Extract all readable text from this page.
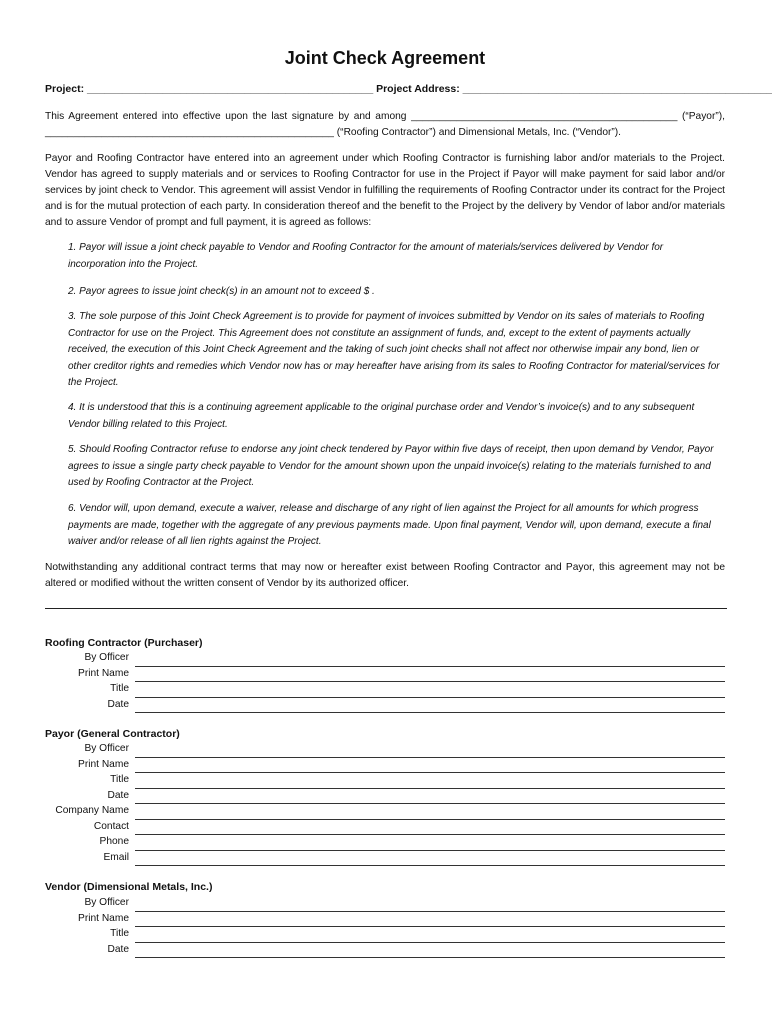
Joint Check Agreement
Project: _________________________________________________ Project Address: _____________________________________________________
This Agreement entered into effective upon the last signature by and among _______________________________________________ (“Payor”), ___________________________________________________ (“Roofing Contractor”) and Dimensional Metals, Inc. (“Vendor”).
Payor and Roofing Contractor have entered into an agreement under which Roofing Contractor is furnishing labor and/or materials to the Project. Vendor has agreed to supply materials and or services to Roofing Contractor for use in the Project if Payor will make payment for said labor and/or services by joint check to Vendor. This agreement will assist Vendor in fulfilling the requirements of Roofing Contractor under its contract for the Project and is for the mutual protection of each party. In consideration thereof and the benefit to the Project by the delivery by Vendor of labor and/or materials and to assure Vendor of prompt and full payment, it is agreed as follows:
1. Payor will issue a joint check payable to Vendor and Roofing Contractor for the amount of materials/services delivered by Vendor for incorporation into the Project.
2. Payor agrees to issue joint check(s) in an amount not to exceed $ .
3. The sole purpose of this Joint Check Agreement is to provide for payment of invoices submitted by Vendor on its sales of materials to Roofing Contractor for use on the Project. This Agreement does not constitute an assignment of funds, and, except to the extent of payments actually received, the execution of this Joint Check Agreement and the taking of such joint checks shall not affect nor otherwise impair any bond, lien or other creditor rights and remedies which Vendor now has or may hereafter have arising from its sales to Roofing Contractor for material/services for the Project.
4. It is understood that this is a continuing agreement applicable to the original purchase order and Vendor’s invoice(s) and to any subsequent Vendor billing related to this Project.
5. Should Roofing Contractor refuse to endorse any joint check tendered by Payor within five days of receipt, then upon demand by Vendor, Payor agrees to issue a single party check payable to Vendor for the amount shown upon the unpaid invoice(s) relating to the materials furnished to and used by Roofing Contractor at the Project.
6. Vendor will, upon demand, execute a waiver, release and discharge of any right of lien against the Project for all amounts for which progress payments are made, together with the aggregate of any previous payments made. Upon final payment, Vendor will, upon demand, execute a final waiver and/or release of all lien rights against the Project.
Notwithstanding any additional contract terms that may now or hereafter exist between Roofing Contractor and Payor, this agreement may not be altered or modified without the written consent of Vendor by its authorized officer.
Roofing Contractor (Purchaser)
By Officer
Print Name
Title
Date
Payor (General Contractor)
By Officer
Print Name
Title
Date
Company Name
Contact
Phone
Email
Vendor (Dimensional Metals, Inc.)
By Officer
Print Name
Title
Date
